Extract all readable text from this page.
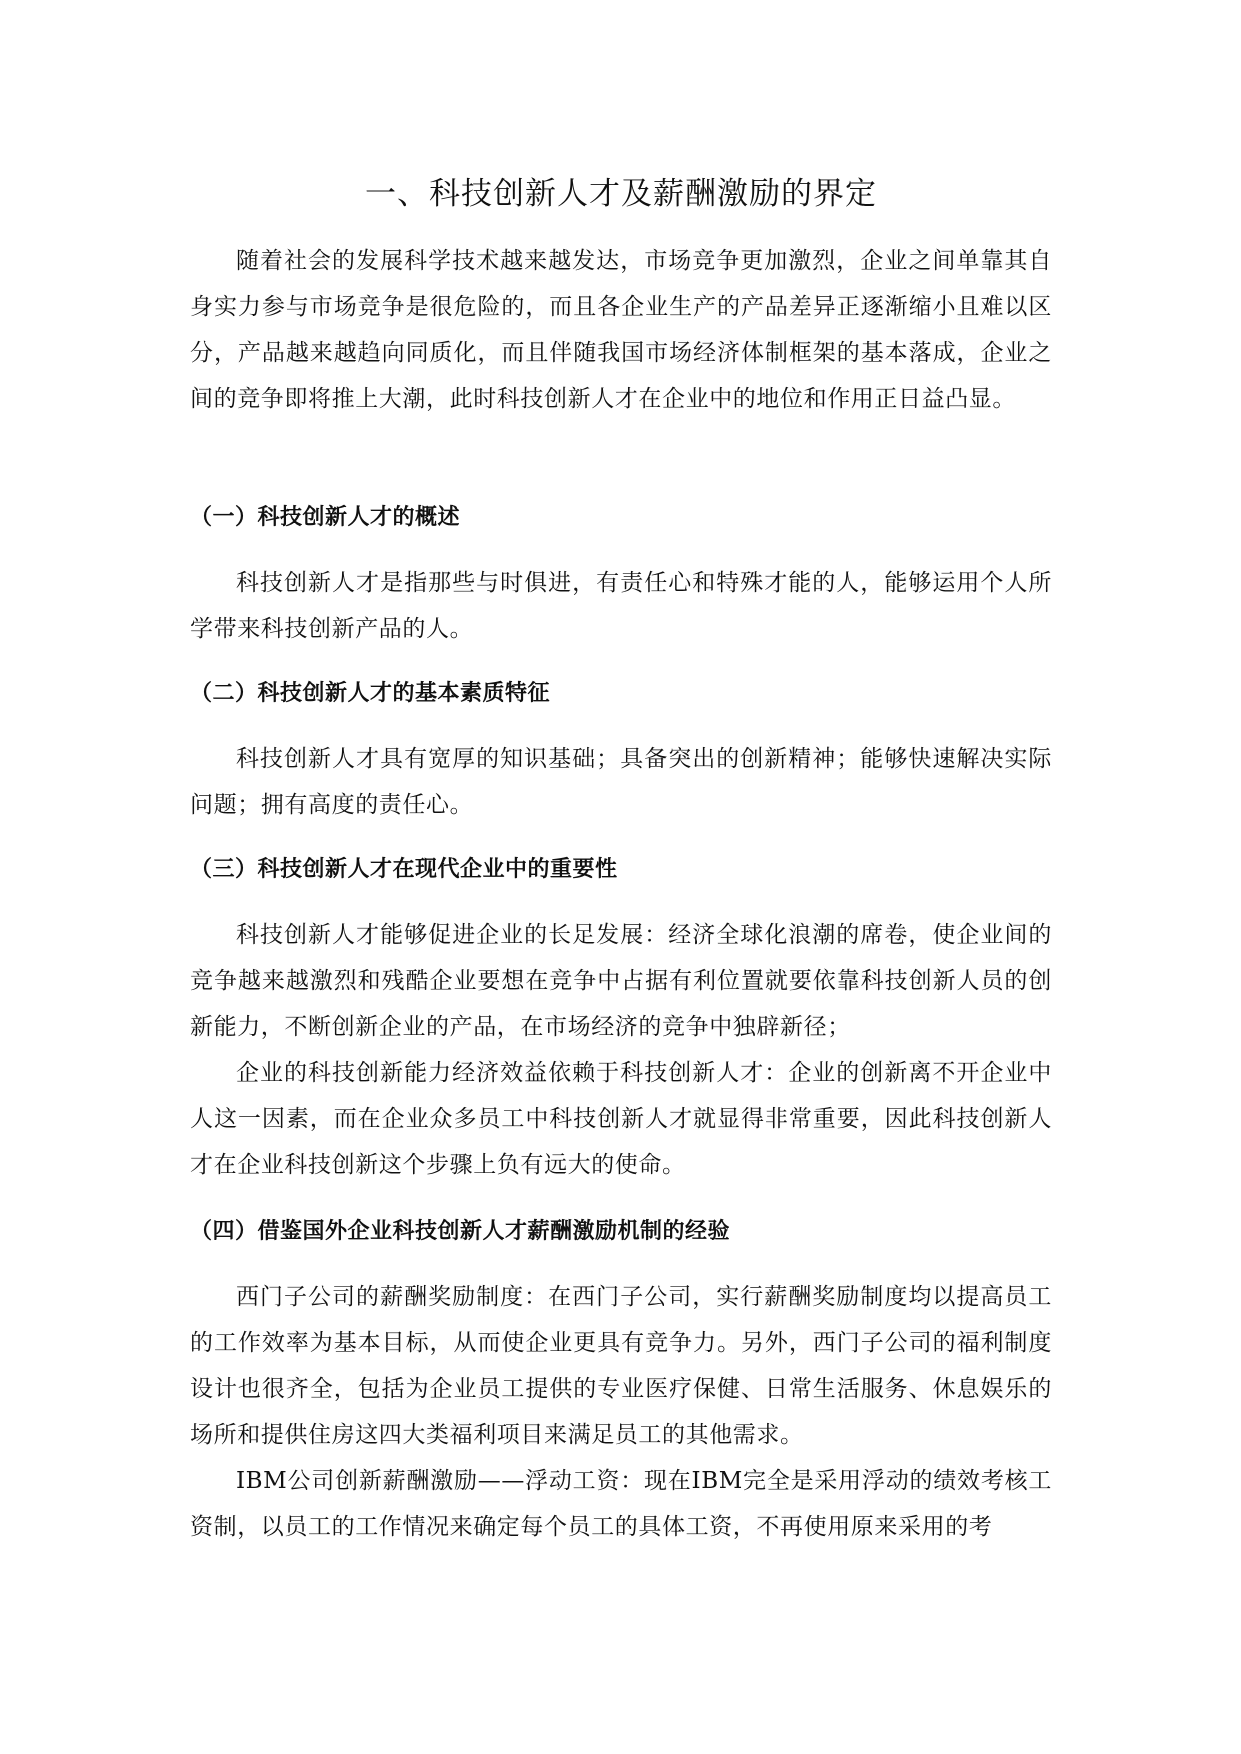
一、科技创新人才及薪酬激励的界定

随着社会的发展科学技术越来越发达，市场竞争更加激烈，企业之间单靠其自身实力参与市场竞争是很危险的，而且各企业生产的产品差异正逐渐缩小且难以区分，产品越来越趋向同质化，而且伴随我国市场经济体制框架的基本落成，企业之间的竞争即将推上大潮，此时科技创新人才在企业中的地位和作用正日益凸显。

（一）科技创新人才的概述

科技创新人才是指那些与时俱进，有责任心和特殊才能的人，能够运用个人所学带来科技创新产品的人。

（二）科技创新人才的基本素质特征

科技创新人才具有宽厚的知识基础；具备突出的创新精神；能够快速解决实际问题；拥有高度的责任心。

（三）科技创新人才在现代企业中的重要性

科技创新人才能够促进企业的长足发展：经济全球化浪潮的席卷，使企业间的竞争越来越激烈和残酷企业要想在竞争中占据有利位置就要依靠科技创新人员的创新能力，不断创新企业的产品，在市场经济的竞争中独辟新径；

企业的科技创新能力经济效益依赖于科技创新人才：企业的创新离不开企业中人这一因素，而在企业众多员工中科技创新人才就显得非常重要，因此科技创新人才在企业科技创新这个步骤上负有远大的使命。

（四）借鉴国外企业科技创新人才薪酬激励机制的经验

西门子公司的薪酬奖励制度：在西门子公司，实行薪酬奖励制度均以提高员工的工作效率为基本目标，从而使企业更具有竞争力。另外，西门子公司的福利制度设计也很齐全，包括为企业员工提供的专业医疗保健、日常生活服务、休息娱乐的场所和提供住房这四大类福利项目来满足员工的其他需求。

IBM公司创新薪酬激励——浮动工资：现在IBM完全是采用浮动的绩效考核工资制，以员工的工作情况来确定每个员工的具体工资，不再使用原来采用的考
